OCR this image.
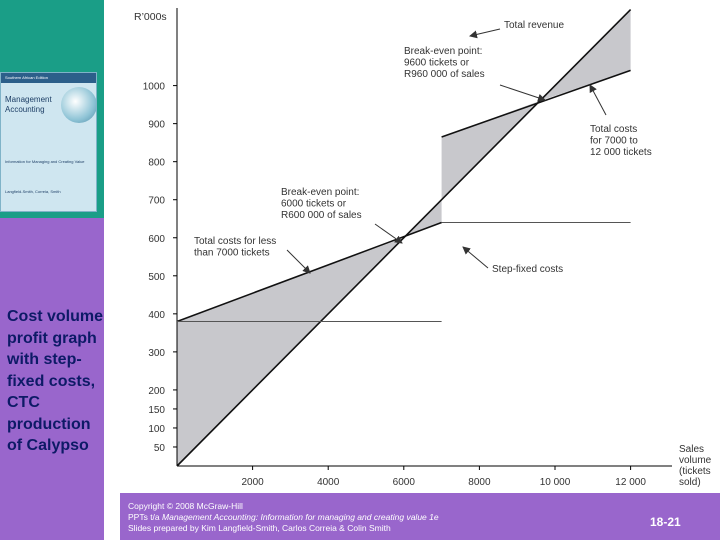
Southern African Edition
Management
Accounting
Information for Managing and Creating Value
Langfield-Smith, Correia, Smith
Cost volume profit graph with step-fixed costs, CTC production of Calypso
R’000s
50
100
150
200
300
400
500
600
700
800
900
1000
2000	4000	6000	8000	10 000	12 000
Sales
volume
(tickets
sold)
Total revenue
Break-even point:
9600 tickets or
R960 000 of sales
Total costs
for 7000 to
12 000 tickets
Break-even point:
6000 tickets or
R600 000 of sales
Total costs for less
than 7000 tickets
Step-fixed costs
Copyright © 2008 McGraw-Hill
PPTs t/a Management Accounting: Information for managing and creating value 1e
Slides prepared by Kim Langfield-Smith, Carlos Correia & Colin Smith	18-21
